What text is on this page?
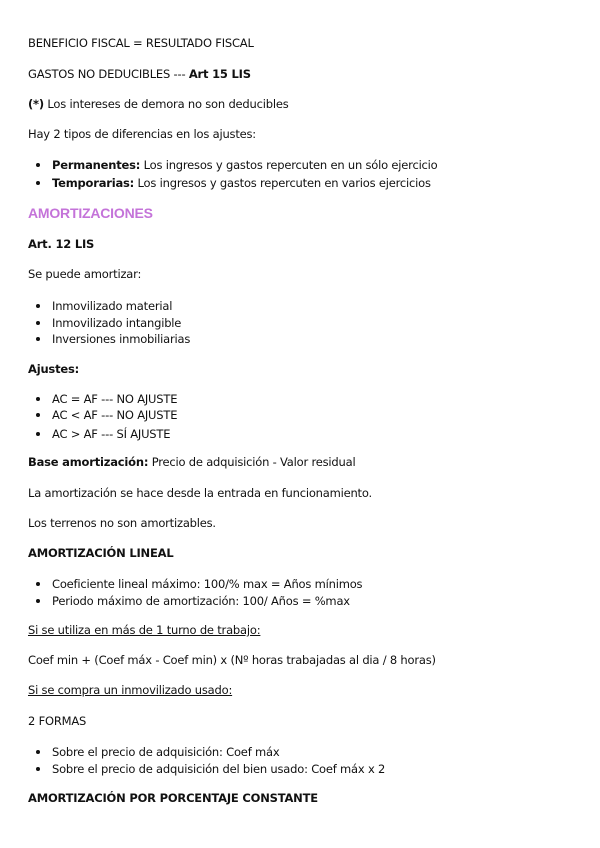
BENEFICIO FISCAL = RESULTADO FISCAL
GASTOS NO DEDUCIBLES --- Art 15 LIS
(*) Los intereses de demora no son deducibles
Hay 2 tipos de diferencias en los ajustes:
Permanentes: Los ingresos y gastos repercuten en un sólo ejercicio
Temporarias: Los ingresos y gastos repercuten en varios ejercicios
AMORTIZACIONES
Art. 12 LIS
Se puede amortizar:
Inmovilizado material
Inmovilizado intangible
Inversiones inmobiliarias
Ajustes:
AC = AF --- NO AJUSTE
AC < AF --- NO AJUSTE
AC > AF --- SÍ AJUSTE
Base amortización: Precio de adquisición - Valor residual
La amortización se hace desde la entrada en funcionamiento.
Los terrenos no son amortizables.
AMORTIZACIÓN LINEAL
Coeficiente lineal máximo: 100/% max = Años mínimos
Periodo máximo de amortización: 100/ Años = %max
Si se utiliza en más de 1 turno de trabajo:
Coef min + (Coef máx - Coef min) x (Nº horas trabajadas al dia / 8 horas)
Si se compra un inmovilizado usado:
2 FORMAS
Sobre el precio de adquisición: Coef máx
Sobre el precio de adquisición del bien usado: Coef máx x 2
AMORTIZACIÓN POR PORCENTAJE CONSTANTE
